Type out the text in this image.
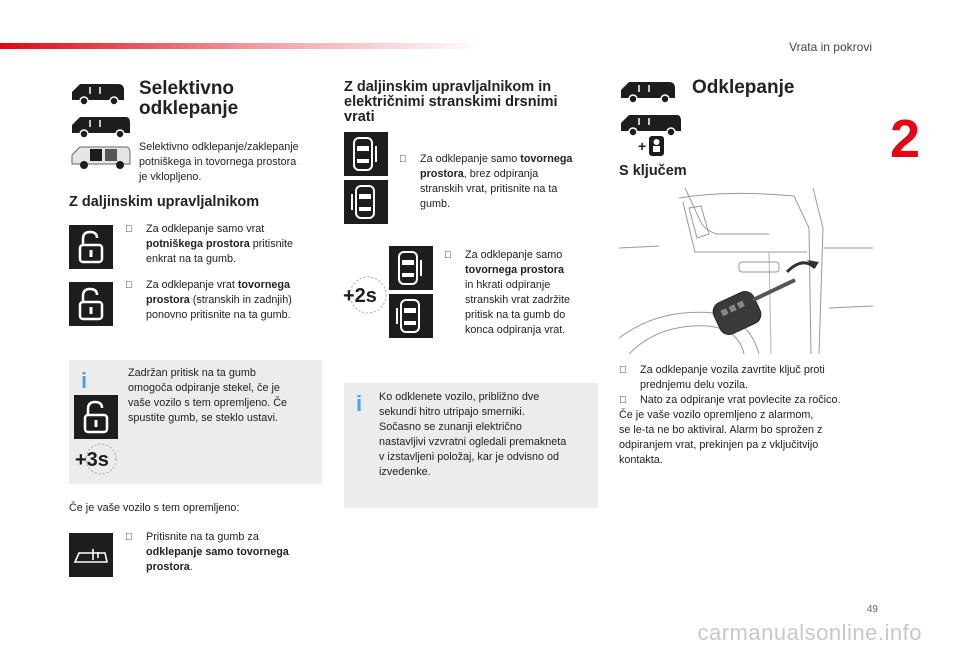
Vrata in pokrovi
2
Selektivno
odklepanje
Selektivno odklepanje/zaklepanje
potniškega in tovornega prostora
je vklopljeno.
Z daljinskim upravljalnikom
Za odklepanje samo vrat
potniškega prostora pritisnite
enkrat na ta gumb.
Za odklepanje vrat tovornega
prostora (stranskih in zadnjih)
ponovno pritisnite na ta gumb.
i
+3s
Zadržan pritisk na ta gumb
omogoča odpiranje stekel, če je
vaše vozilo s tem opremljeno. Če
spustite gumb, se steklo ustavi.
Če je vaše vozilo s tem opremljeno:
Pritisnite na ta gumb za
odklepanje samo tovornega
prostora.
Z daljinskim upravljalnikom in
električnimi stranskimi drsnimi
vrati
Za odklepanje samo tovornega
prostora, brez odpiranja
stranskih vrat, pritisnite na ta
gumb.
+2s
Za odklepanje samo
tovornega prostora
in hkrati odpiranje
stranskih vrat zadržite
pritisk na ta gumb do
konca odpiranja vrat.
i Ko odklenete vozilo, približno dve
sekundi hitro utripajo smerniki.
Sočasno se zunanji električno
nastavljivi vzvratni ogledali premakneta
v izstavljeni položaj, kar je odvisno od
izvedenke.
+
Odklepanje
S ključem
Za odklepanje vozila zavrtite ključ proti
prednjemu delu vozila.
Nato za odpiranje vrat povlecite za ročico.
Če je vaše vozilo opremljeno z alarmom,
se le-ta ne bo aktiviral. Alarm bo sprožen z
odpiranjem vrat, prekinjen pa z vključitvijo
kontakta.
49
carmanualsonline.info
